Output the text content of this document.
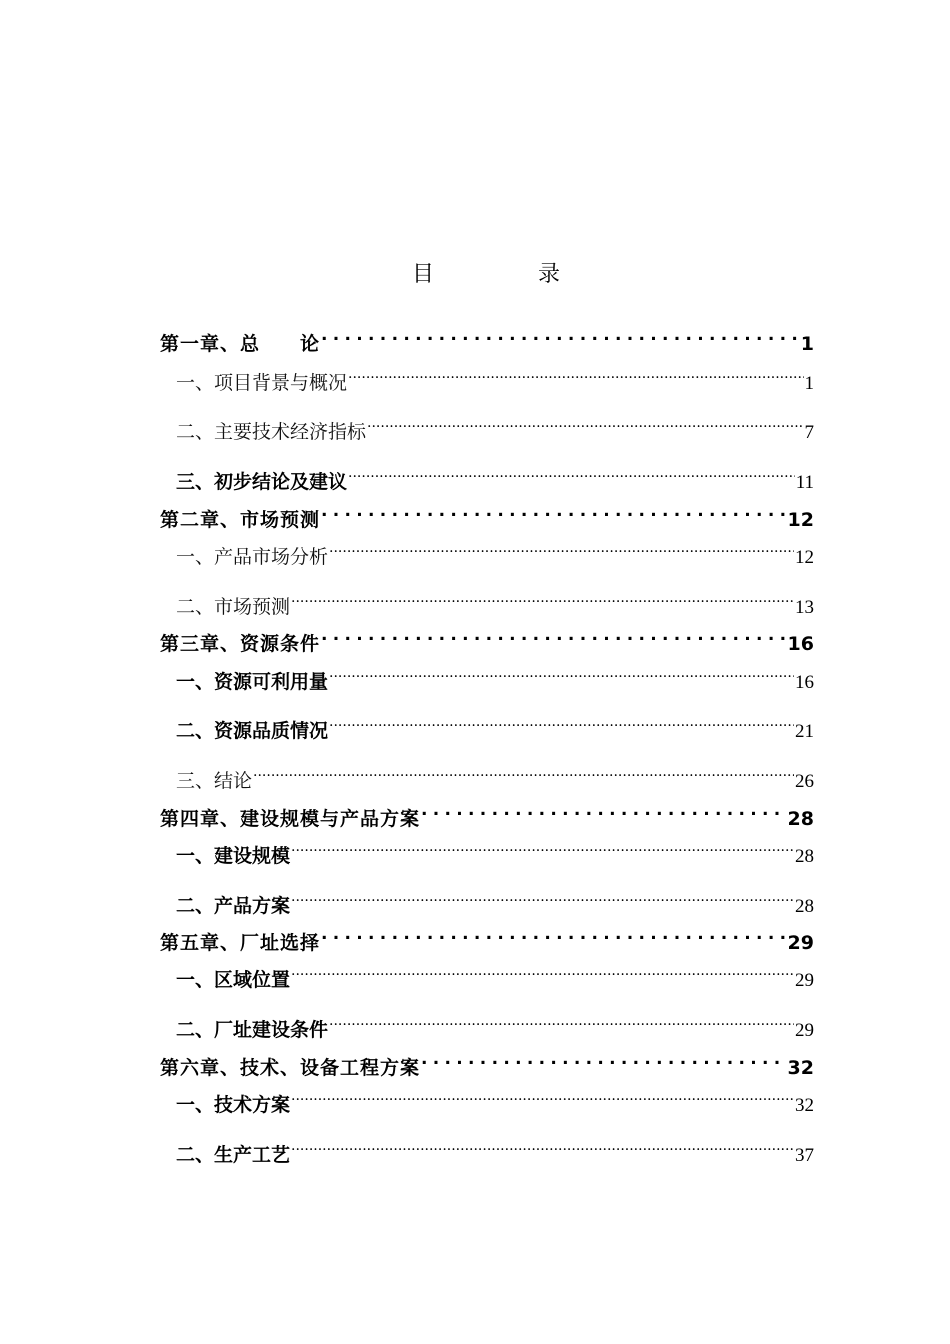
目	录
第一章、总　　论 .....	1
一、项目背景与概况 .....	1
二、主要技术经济指标 .....	7
三、初步结论及建议 .....	11
第二章、市场预测 .....	12
一、产品市场分析 .....	12
二、市场预测 .....	13
第三章、资源条件 .....	16
一、资源可利用量 .....	16
二、资源品质情况 .....	21
三、结论 .....	26
第四章、建设规模与产品方案 .....	28
一、建设规模 .....	28
二、产品方案 .....	28
第五章、厂址选择 .....	29
一、区域位置 .....	29
二、厂址建设条件 .....	29
第六章、技术、设备工程方案 .....	32
一、技术方案 .....	32
二、生产工艺 .....	37
